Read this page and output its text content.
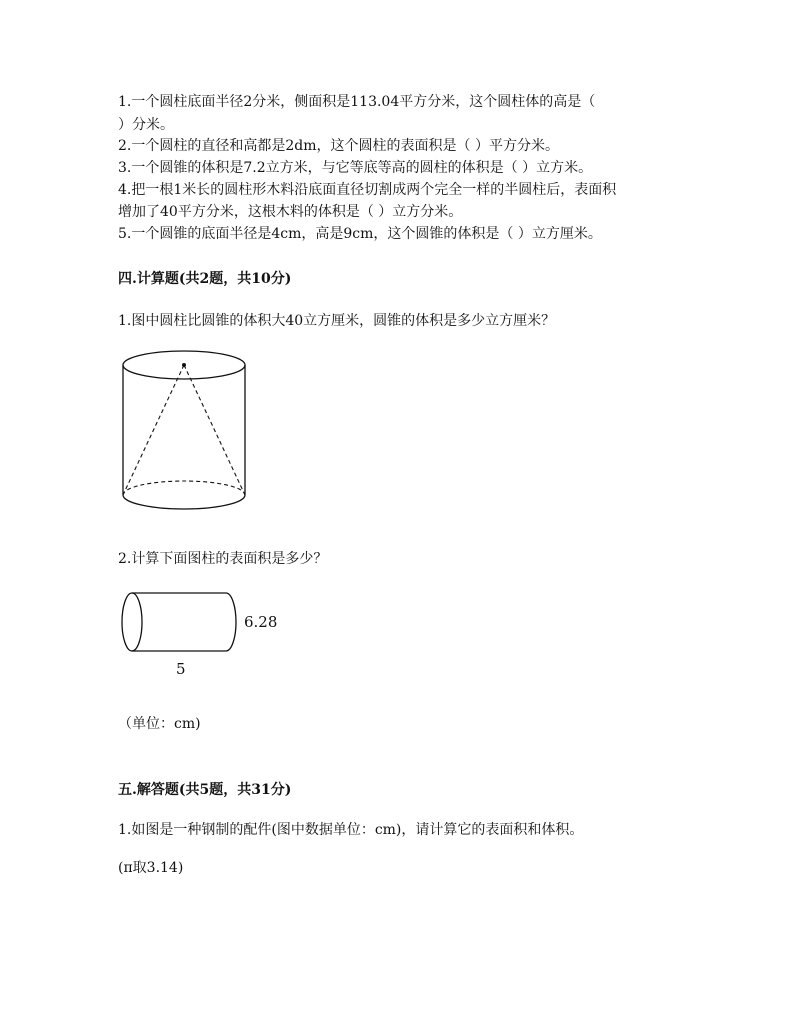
1.一个圆柱底面半径2分米，侧面积是113.04平方分米，这个圆柱体的高是（
）分米。
2.一个圆柱的直径和高都是2dm，这个圆柱的表面积是（ ）平方分米。
3.一个圆锥的体积是7.2立方米，与它等底等高的圆柱的体积是（ ）立方米。
4.把一根1米长的圆柱形木料沿底面直径切割成两个完全一样的半圆柱后，表面积
增加了40平方分米，这根木料的体积是（ ）立方分米。
5.一个圆锥的底面半径是4cm，高是9cm，这个圆锥的体积是（ ）立方厘米。
四.计算题(共2题，共10分)
1.图中圆柱比圆锥的体积大40立方厘米，圆锥的体积是多少立方厘米？
2.计算下面图柱的表面积是多少？
6.28
5
（单位：cm)
五.解答题(共5题，共31分)
1.如图是一种钢制的配件(图中数据单位：cm)，请计算它的表面积和体积。
(π取3.14)
